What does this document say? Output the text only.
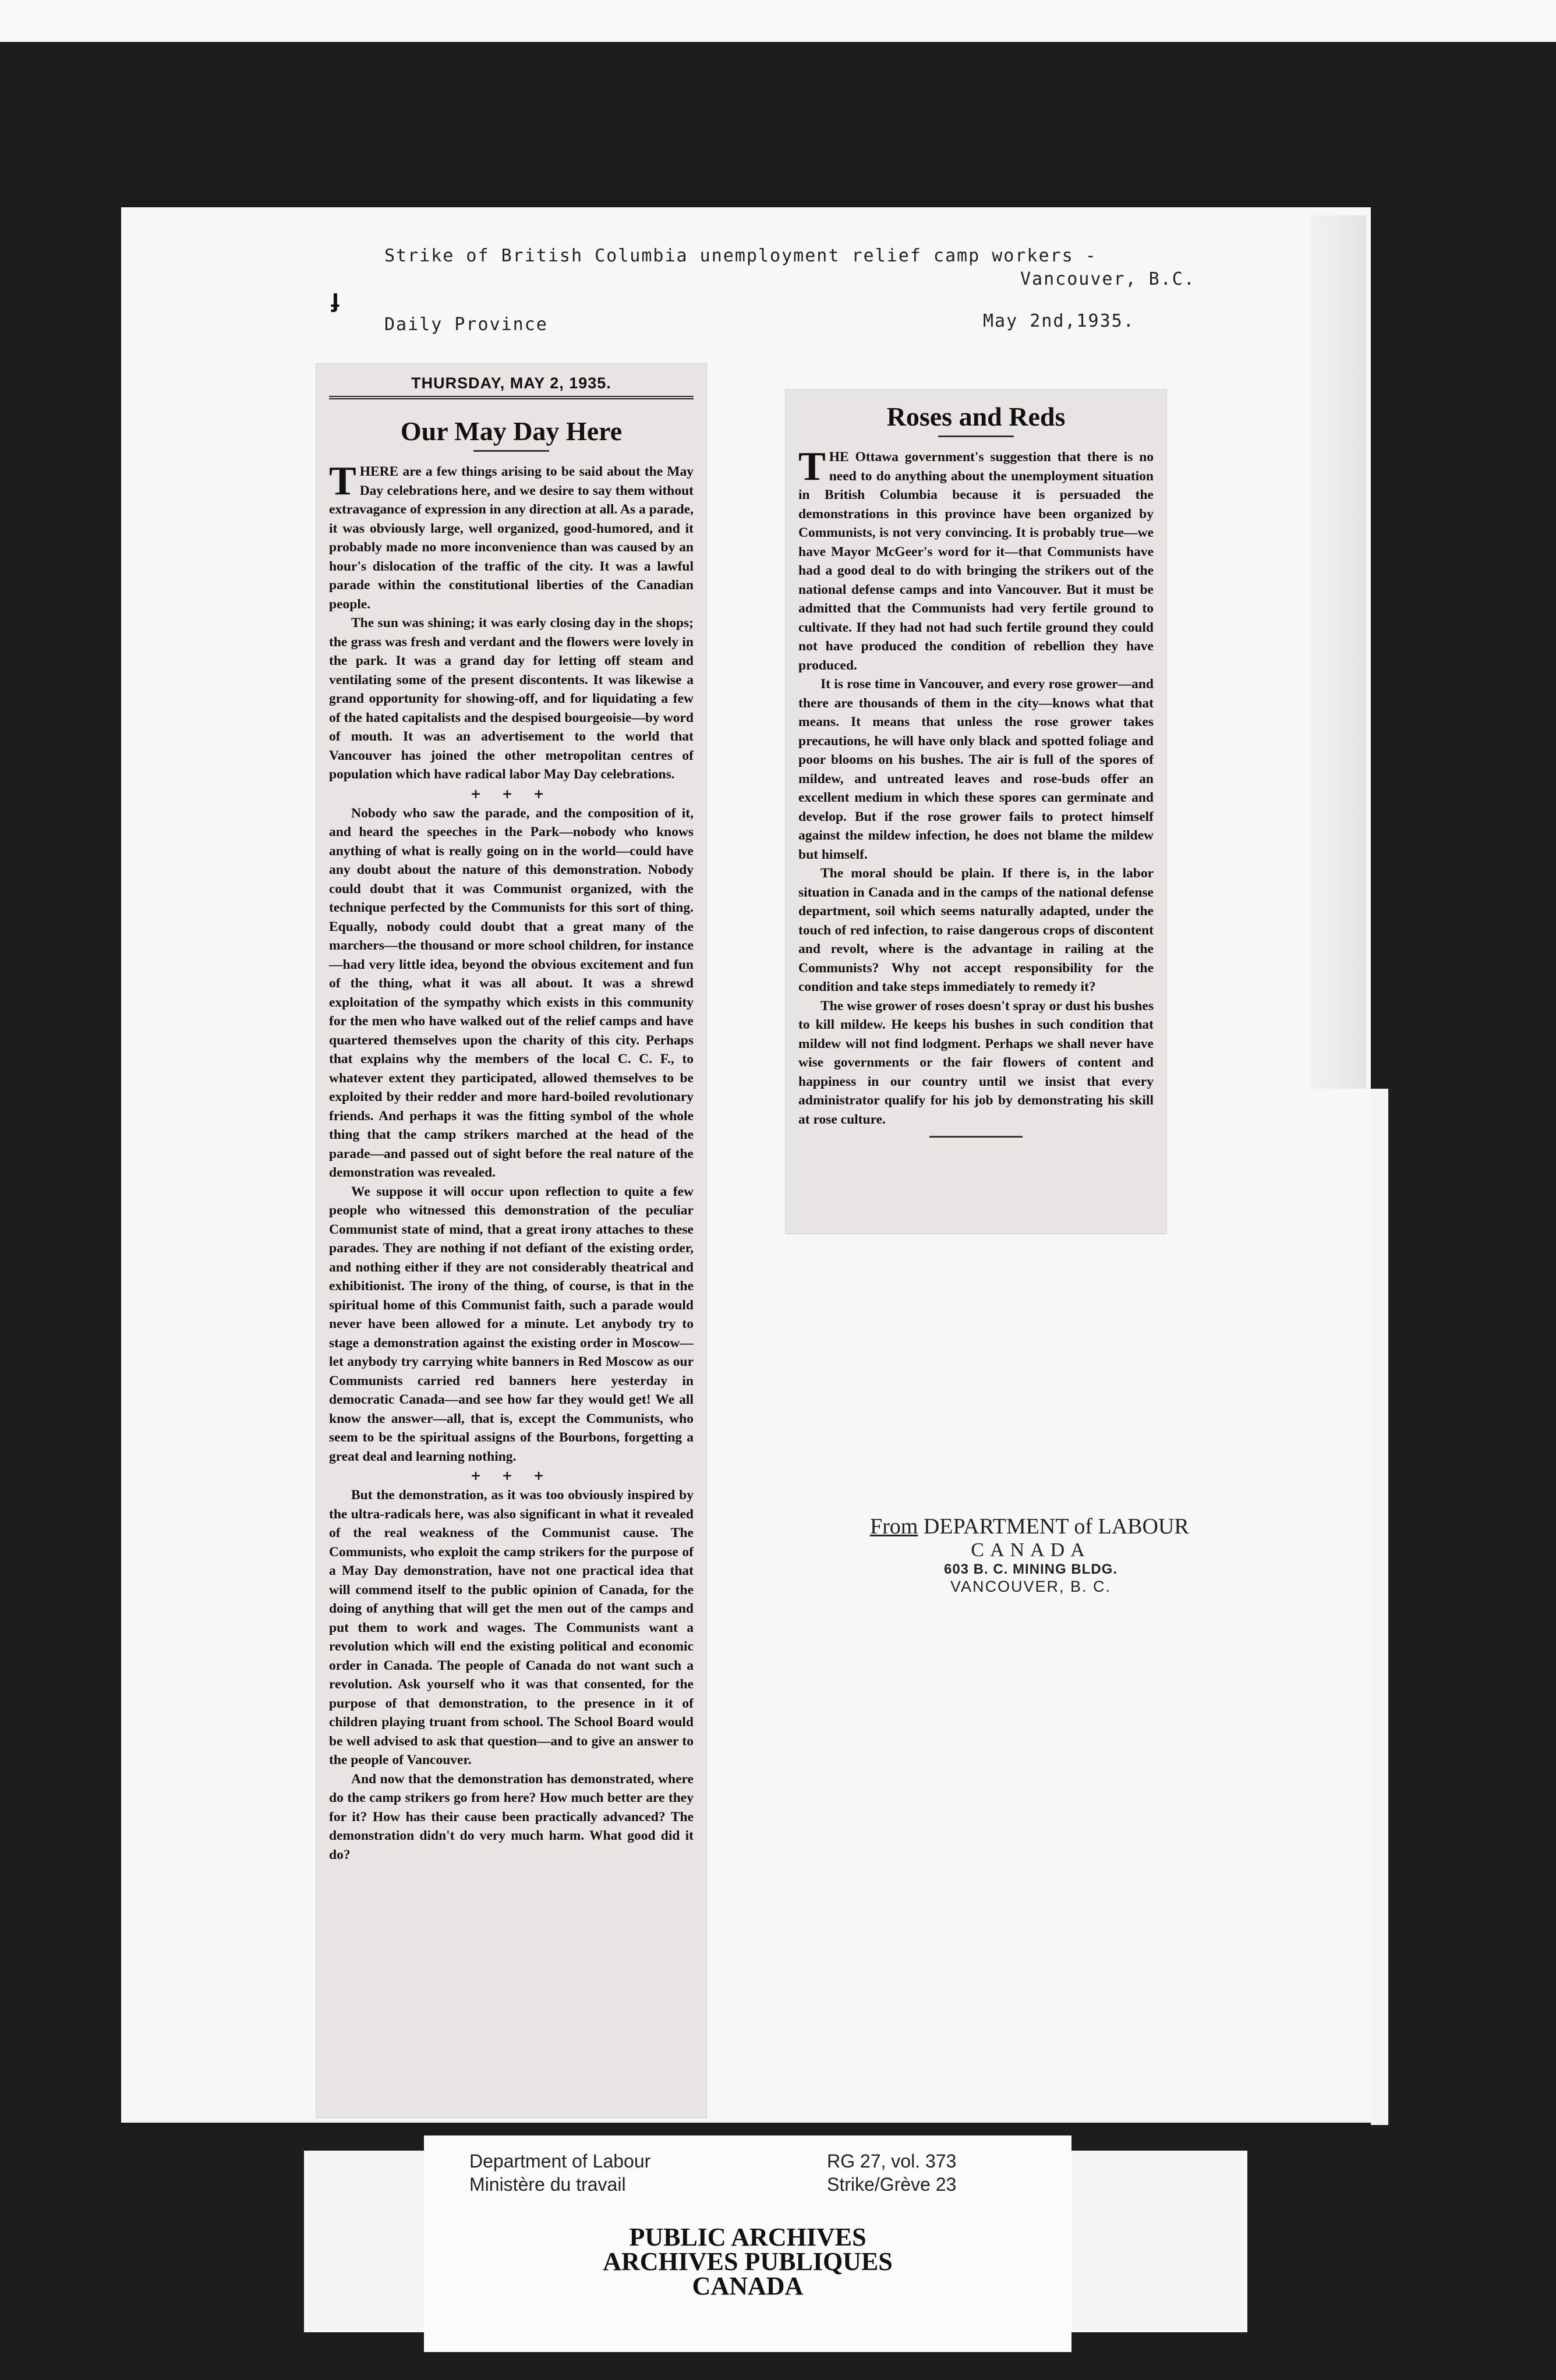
Strike of British Columbia unemployment relief camp workers -
Vancouver, B.C.
Daily Province	May 2nd,1935.
ɟ
THURSDAY, MAY 2, 1935.
Our May Day Here

THERE are a few things arising to be said about the May Day celebrations here, and we desire to say them without extravagance of expression in any direction at all. As a parade, it was obviously large, well organized, good-humored, and it probably made no more inconvenience than was caused by an hour's dislocation of the traffic of the city. It was a lawful parade within the constitutional liberties of the Canadian people.

The sun was shining; it was early closing day in the shops; the grass was fresh and verdant and the flowers were lovely in the park. It was a grand day for letting off steam and ventilating some of the present discontents. It was likewise a grand opportunity for showing-off, and for liquidating a few of the hated capitalists and the despised bourgeoisie—by word of mouth. It was an advertisement to the world that Vancouver has joined the other metropolitan centres of population which have radical labor May Day celebrations.

+ + +

Nobody who saw the parade, and the composition of it, and heard the speeches in the Park—nobody who knows anything of what is really going on in the world—could have any doubt about the nature of this demonstration. Nobody could doubt that it was Communist organized, with the technique perfected by the Communists for this sort of thing. Equally, nobody could doubt that a great many of the marchers—the thousand or more school children, for instance—had very little idea, beyond the obvious excitement and fun of the thing, what it was all about. It was a shrewd exploitation of the sympathy which exists in this community for the men who have walked out of the relief camps and have quartered themselves upon the charity of this city. Perhaps that explains why the members of the local C. C. F., to whatever extent they participated, allowed themselves to be exploited by their redder and more hard-boiled revolutionary friends. And perhaps it was the fitting symbol of the whole thing that the camp strikers marched at the head of the parade—and passed out of sight before the real nature of the demonstration was revealed.

We suppose it will occur upon reflection to quite a few people who witnessed this demonstration of the peculiar Communist state of mind, that a great irony attaches to these parades. They are nothing if not defiant of the existing order, and nothing either if they are not considerably theatrical and exhibitionist. The irony of the thing, of course, is that in the spiritual home of this Communist faith, such a parade would never have been allowed for a minute. Let anybody try to stage a demonstration against the existing order in Moscow—let anybody try carrying white banners in Red Moscow as our Communists carried red banners here yesterday in democratic Canada—and see how far they would get! We all know the answer—all, that is, except the Communists, who seem to be the spiritual assigns of the Bourbons, forgetting a great deal and learning nothing.

+ + +

But the demonstration, as it was too obviously inspired by the ultra-radicals here, was also significant in what it revealed of the real weakness of the Communist cause. The Communists, who exploit the camp strikers for the purpose of a May Day demonstration, have not one practical idea that will commend itself to the public opinion of Canada, for the doing of anything that will get the men out of the camps and put them to work and wages. The Communists want a revolution which will end the existing political and economic order in Canada. The people of Canada do not want such a revolution. Ask yourself who it was that consented, for the purpose of that demonstration, to the presence in it of children playing truant from school. The School Board would be well advised to ask that question—and to give an answer to the people of Vancouver.

And now that the demonstration has demonstrated, where do the camp strikers go from here? How much better are they for it? How has their cause been practically advanced? The demonstration didn't do very much harm. What good did it do?

Roses and Reds

THE Ottawa government's suggestion that there is no need to do anything about the unemployment situation in British Columbia because it is persuaded the demonstrations in this province have been organized by Communists, is not very convincing. It is probably true—we have Mayor McGeer's word for it—that Communists have had a good deal to do with bringing the strikers out of the national defense camps and into Vancouver. But it must be admitted that the Communists had very fertile ground to cultivate. If they had not had such fertile ground they could not have produced the condition of rebellion they have produced.

It is rose time in Vancouver, and every rose grower—and there are thousands of them in the city—knows what that means. It means that unless the rose grower takes precautions, he will have only black and spotted foliage and poor blooms on his bushes. The air is full of the spores of mildew, and untreated leaves and rose-buds offer an excellent medium in which these spores can germinate and develop. But if the rose grower fails to protect himself against the mildew infection, he does not blame the mildew but himself.

The moral should be plain. If there is, in the labor situation in Canada and in the camps of the national defense department, soil which seems naturally adapted, under the touch of red infection, to raise dangerous crops of discontent and revolt, where is the advantage in railing at the Communists? Why not accept responsibility for the condition and take steps immediately to remedy it?

The wise grower of roses doesn't spray or dust his bushes to kill mildew. He keeps his bushes in such condition that mildew will not find lodgment. Perhaps we shall never have wise governments or the fair flowers of content and happiness in our country until we insist that every administrator qualify for his job by demonstrating his skill at rose culture.

From DEPARTMENT of LABOUR
CANADA
603 B. C. MINING BLDG.
VANCOUVER, B. C.
Department of Labour
Ministère du travail
RG 27, vol. 373
Strike/Grève 23
PUBLIC ARCHIVES
ARCHIVES PUBLIQUES
CANADA
